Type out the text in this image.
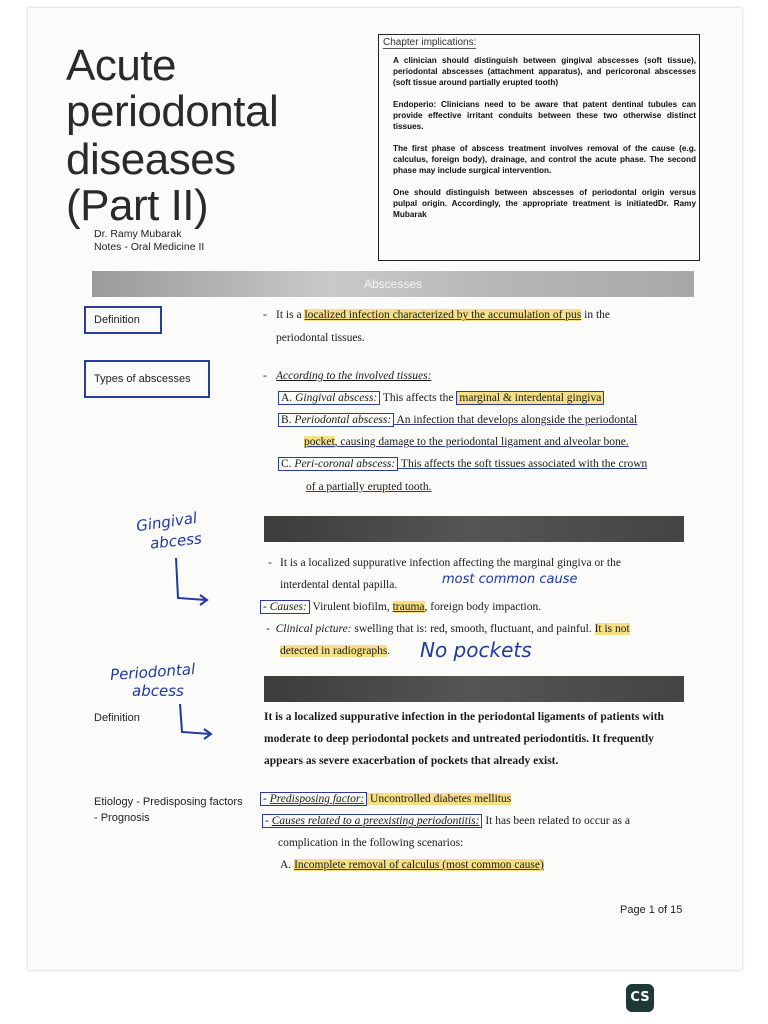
Acute
periodontal
diseases
(Part II)
Dr. Ramy Mubarak
Notes - Oral Medicine II
Chapter implications:
A clinician should distinguish between gingival abscesses (soft tissue), periodontal abscesses (attachment apparatus), and pericoronal abscesses (soft tissue around partially erupted tooth)
Endoperio: Clinicians need to be aware that patent dentinal tubules can provide effective irritant conduits between these two otherwise distinct tissues.
The first phase of abscess treatment involves removal of the cause (e.g. calculus, foreign body), drainage, and control the acute phase. The second phase may include surgical intervention.
One should distinguish between abscesses of periodontal origin versus pulpal origin. Accordingly, the appropriate treatment is initiatedDr. Ramy Mubarak
Abscesses
Definition
Types of abscesses
Definition
Etiology - Predisposing factors
- Prognosis
- It is a localized infection characterized by the accumulation of pus in the
periodontal tissues.
- According to the involved tissues:
A. Gingival abscess: This affects the marginal & interdental gingiva
B. Periodontal abscess: An infection that develops alongside the periodontal
pocket, causing damage to the periodontal ligament and alveolar bone.
C. Peri-coronal abscess: This affects the soft tissues associated with the crown
of a partially erupted tooth.
- It is a localized suppurative infection affecting the marginal gingiva or the
interdental dental papilla.
- Causes: Virulent biofilm, trauma, foreign body impaction.
- Clinical picture: swelling that is: red, smooth, fluctuant, and painful. It is not
detected in radiographs.
It is a localized suppurative infection in the periodontal ligaments of patients with
moderate to deep periodontal pockets and untreated periodontitis. It frequently
appears as severe exacerbation of pockets that already exist.
- Predisposing factor: Uncontrolled diabetes mellitus
- Causes related to a preexisting periodontitis: It has been related to occur as a
complication in the following scenarios:
A. Incomplete removal of calculus (most common cause)
Gingival
abcess
most common cause
No pockets
Periodontal
abcess
Page 1 of 15
CS
